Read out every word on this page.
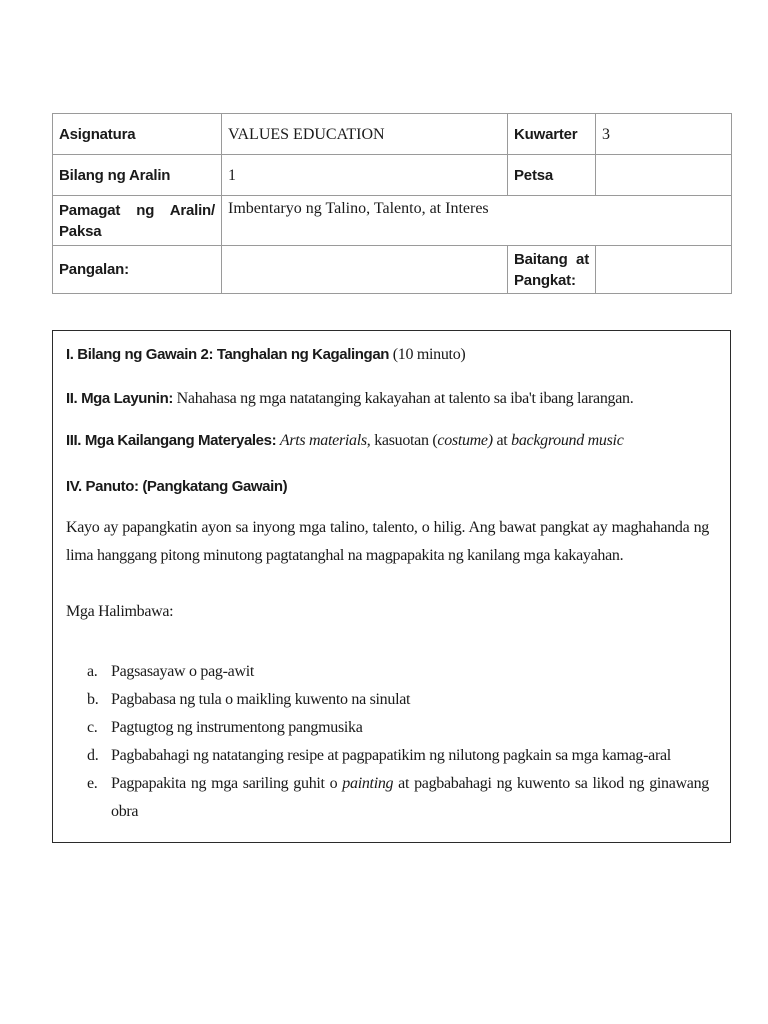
Asignatura	VALUES EDUCATION	Kuwarter	3
Bilang ng Aralin	1	Petsa	

Pamagat ng Aralin/
Paksa	Imbentaryo ng Talino, Talento, at Interes		
Pangalan:		Baitang at
Pangkat:	

I. Bilang ng Gawain 2: Tanghalan ng Kagalingan (10 minuto)

II. Mga Layunin: Nahahasa ng mga natatanging kakayahan at talento sa iba't ibang larangan.

III. Mga Kailangang Materyales: Arts materials, kasuotan (costume) at background music

IV. Panuto: (Pangkatang Gawain)

Kayo ay papangkatin ayon sa inyong mga talino, talento, o hilig. Ang bawat pangkat ay maghahanda ng lima hanggang pitong minutong pagtatanghal na magpapakita ng kanilang mga kakayahan.

Mga Halimbawa:

a. Pagsasayaw o pag-awit
b. Pagbabasa ng tula o maikling kuwento na sinulat
c. Pagtugtog ng instrumentong pangmusika
d. Pagbabahagi ng natatanging resipe at pagpapatikim ng nilutong pagkain sa mga kamag-aral
e. Pagpapakita ng mga sariling guhit o painting at pagbabahagi ng kuwento sa likod ng ginawang obra
